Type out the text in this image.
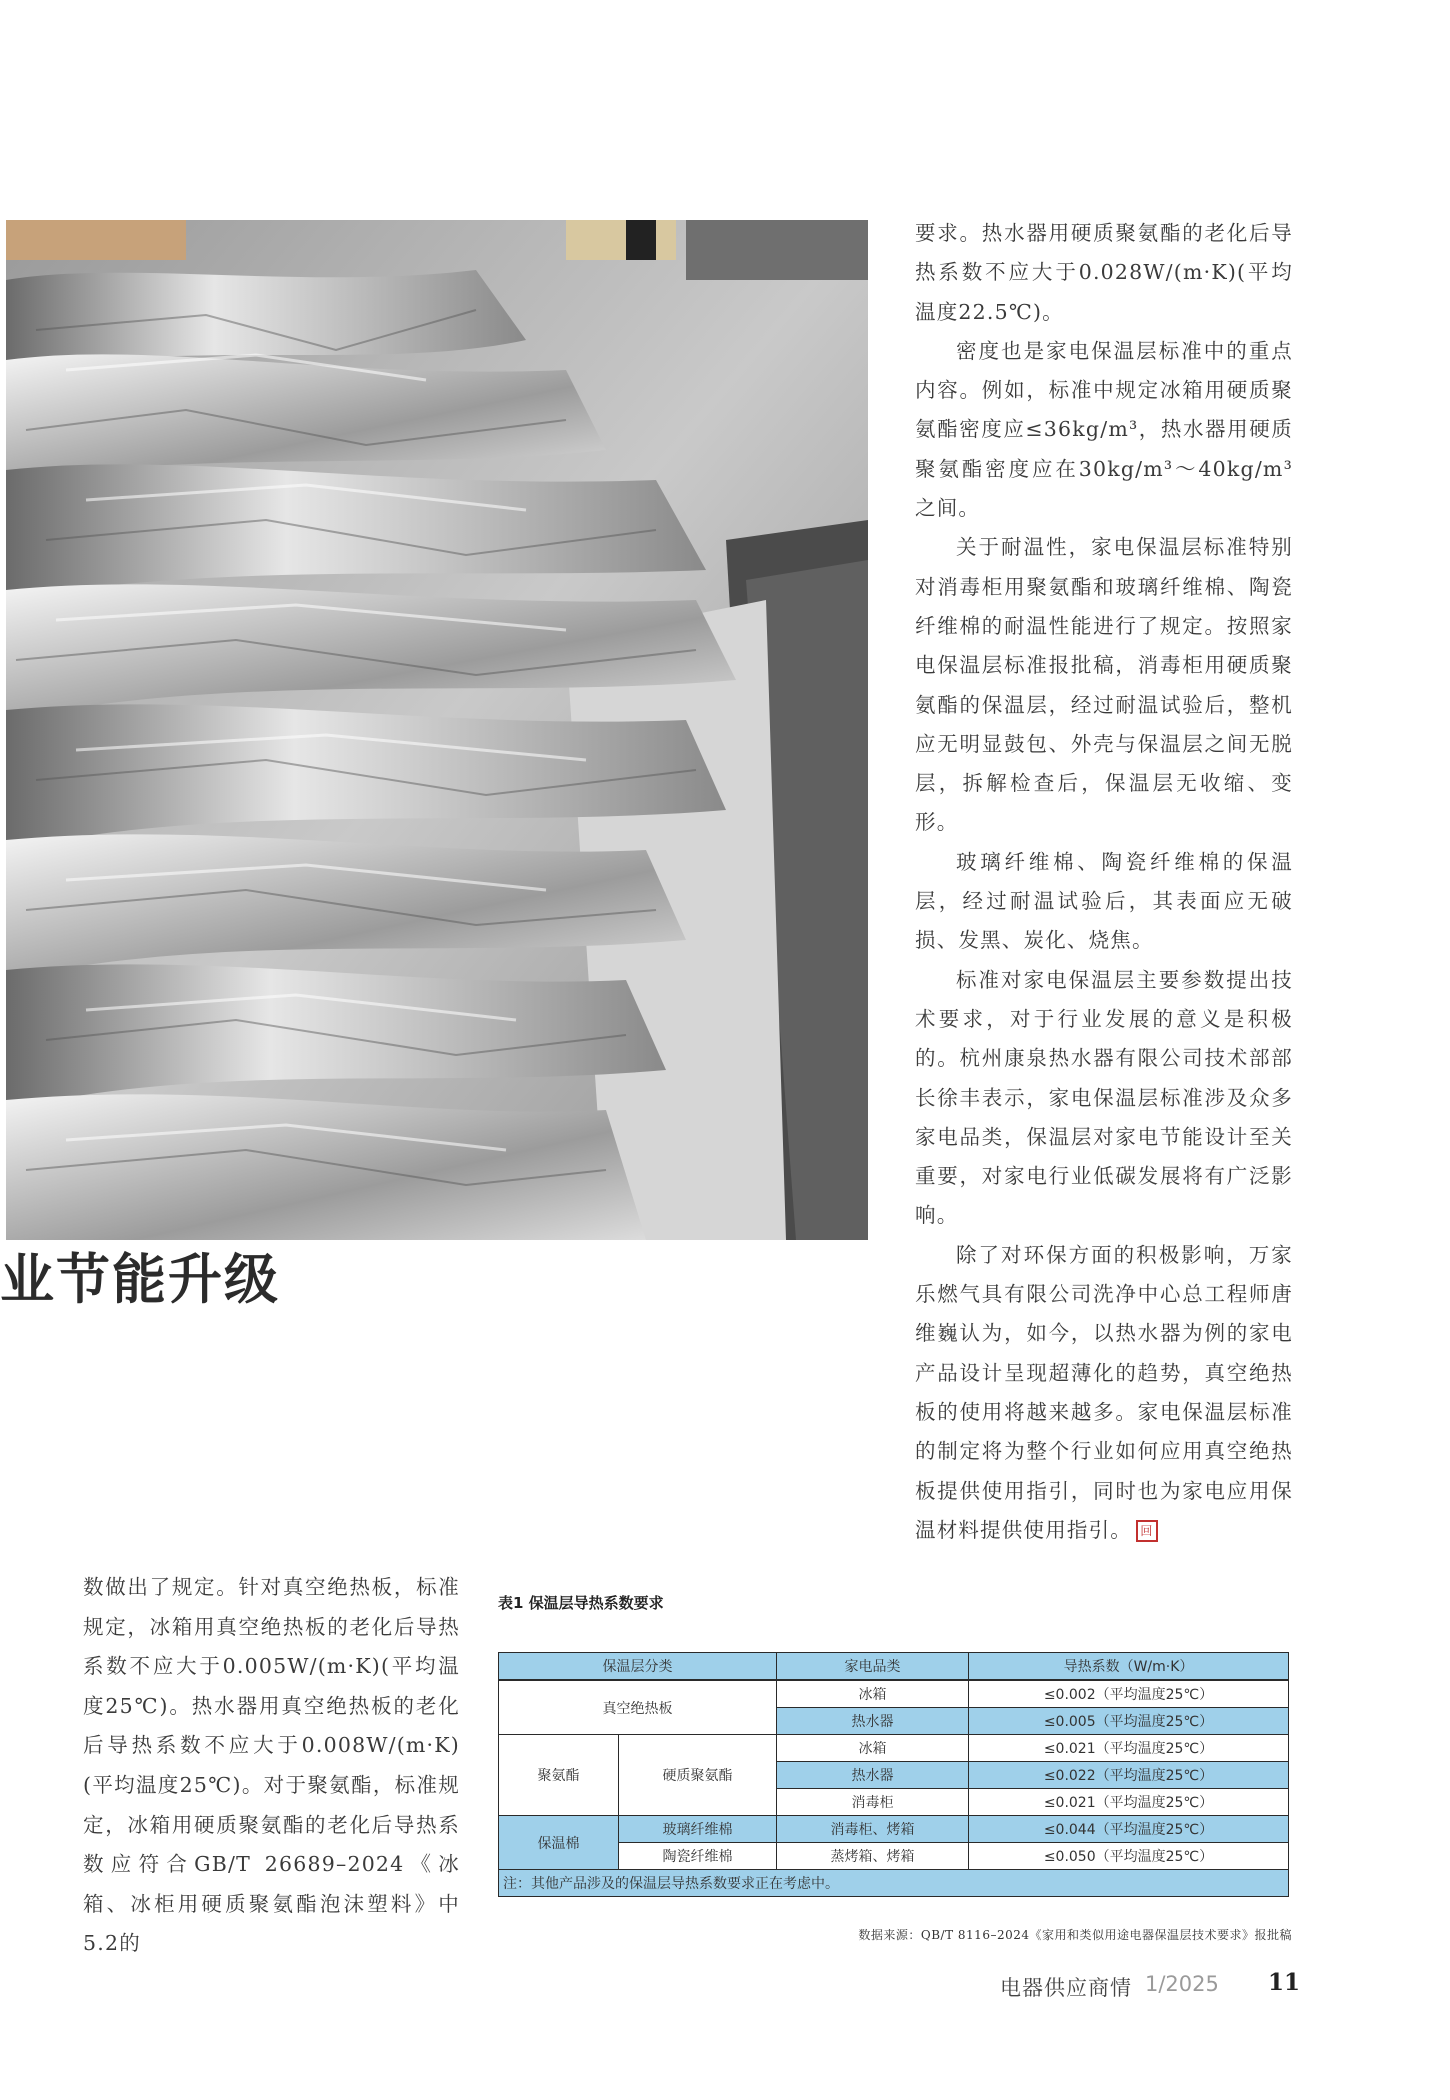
业节能升级

要求。热水器用硬质聚氨酯的老化后导热系数不应大于0.028W/(m·K)(平均温度22.5℃)。

密度也是家电保温层标准中的重点内容。例如，标准中规定冰箱用硬质聚氨酯密度应≤36kg/m³，热水器用硬质聚氨酯密度应在30kg/m³～40kg/m³之间。

关于耐温性，家电保温层标准特别对消毒柜用聚氨酯和玻璃纤维棉、陶瓷纤维棉的耐温性能进行了规定。按照家电保温层标准报批稿，消毒柜用硬质聚氨酯的保温层，经过耐温试验后，整机应无明显鼓包、外壳与保温层之间无脱层，拆解检查后，保温层无收缩、变形。

玻璃纤维棉、陶瓷纤维棉的保温层，经过耐温试验后，其表面应无破损、发黑、炭化、烧焦。

标准对家电保温层主要参数提出技术要求，对于行业发展的意义是积极的。杭州康泉热水器有限公司技术部部长徐丰表示，家电保温层标准涉及众多家电品类，保温层对家电节能设计至关重要，对家电行业低碳发展将有广泛影响。

除了对环保方面的积极影响，万家乐燃气具有限公司洗净中心总工程师唐维巍认为，如今，以热水器为例的家电产品设计呈现超薄化的趋势，真空绝热板的使用将越来越多。家电保温层标准的制定将为整个行业如何应用真空绝热板提供使用指引，同时也为家电应用保温材料提供使用指引。 回

数做出了规定。针对真空绝热板，标准规定，冰箱用真空绝热板的老化后导热系数不应大于0.005W/(m·K)(平均温度25℃)。热水器用真空绝热板的老化后导热系数不应大于0.008W/(m·K)(平均温度25℃)。对于聚氨酯，标准规定，冰箱用硬质聚氨酯的老化后导热系数应符合GB/T 26689–2024《冰箱、冰柜用硬质聚氨酯泡沫塑料》中5.2的

表1 保温层导热系数要求
保温层分类		家电品类	导热系数（W/m·K）
真空绝热板		冰箱	≤0.002（平均温度25℃）
		热水器	≤0.005（平均温度25℃）
聚氨酯	硬质聚氨酯	冰箱	≤0.021（平均温度25℃）
		热水器	≤0.022（平均温度25℃）
		消毒柜	≤0.021（平均温度25℃）
保温棉	玻璃纤维棉	消毒柜、烤箱	≤0.044（平均温度25℃）
	陶瓷纤维棉	蒸烤箱、烤箱	≤0.050（平均温度25℃）
注：其他产品涉及的保温层导热系数要求正在考虑中。			
数据来源：QB/T 8116–2024《家用和类似用途电器保温层技术要求》报批稿
电器供应商情 1/2025 11
